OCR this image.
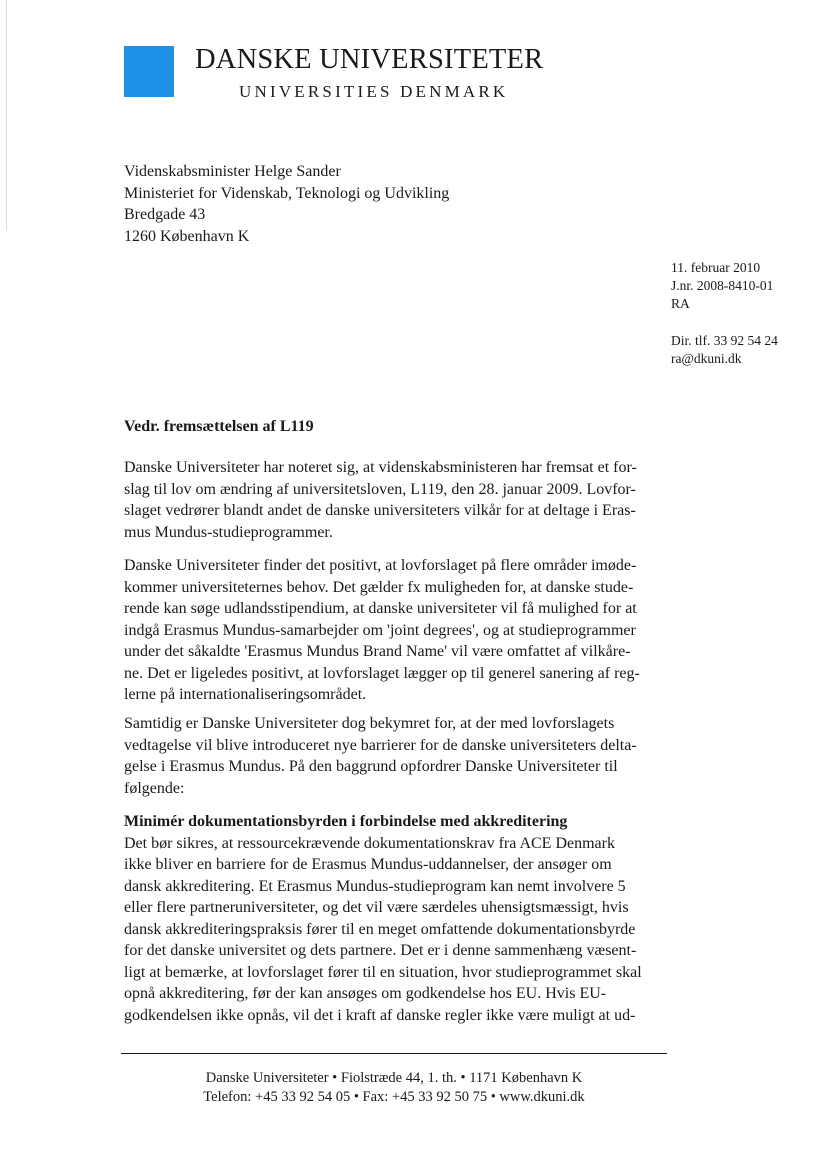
DANSKE UNIVERSITETER
UNIVERSITIES DENMARK
Videnskabsminister Helge Sander
Ministeriet for Videnskab, Teknologi og Udvikling
Bredgade 43
1260 København K
11. februar 2010
J.nr. 2008-8410-01
RA
Dir. tlf. 33 92 54 24
ra@dkuni.dk
Vedr. fremsættelsen af L119
Danske Universiteter har noteret sig, at videnskabsministeren har fremsat et for-
slag til lov om ændring af universitetsloven, L119, den 28. januar 2009. Lovfor-
slaget vedrører blandt andet de danske universiteters vilkår for at deltage i Eras-
mus Mundus-studieprogrammer.
Danske Universiteter finder det positivt, at lovforslaget på flere områder imøde-
kommer universiteternes behov. Det gælder fx muligheden for, at danske stude-
rende kan søge udlandsstipendium, at danske universiteter vil få mulighed for at
indgå Erasmus Mundus-samarbejder om 'joint degrees', og at studieprogrammer
under det såkaldte 'Erasmus Mundus Brand Name' vil være omfattet af vilkåre-
ne. Det er ligeledes positivt, at lovforslaget lægger op til generel sanering af reg-
lerne på internationaliseringsområdet.
Samtidig er Danske Universiteter dog bekymret for, at der med lovforslagets
vedtagelse vil blive introduceret nye barrierer for de danske universiteters delta-
gelse i Erasmus Mundus. På den baggrund opfordrer Danske Universiteter til
følgende:
Minimér dokumentationsbyrden i forbindelse med akkreditering
Det bør sikres, at ressourcekrævende dokumentationskrav fra ACE Denmark
ikke bliver en barriere for de Erasmus Mundus-uddannelser, der ansøger om
dansk akkreditering. Et Erasmus Mundus-studieprogram kan nemt involvere 5
eller flere partneruniversiteter, og det vil være særdeles uhensigtsmæssigt, hvis
dansk akkrediteringspraksis fører til en meget omfattende dokumentationsbyrde
for det danske universitet og dets partnere. Det er i denne sammenhæng væsent-
ligt at bemærke, at lovforslaget fører til en situation, hvor studieprogrammet skal
opnå akkreditering, før der kan ansøges om godkendelse hos EU. Hvis EU-
godkendelsen ikke opnås, vil det i kraft af danske regler ikke være muligt at ud-
Danske Universiteter • Fiolstræde 44, 1. th. • 1171 København K
Telefon: +45 33 92 54 05 • Fax: +45 33 92 50 75 • www.dkuni.dk
